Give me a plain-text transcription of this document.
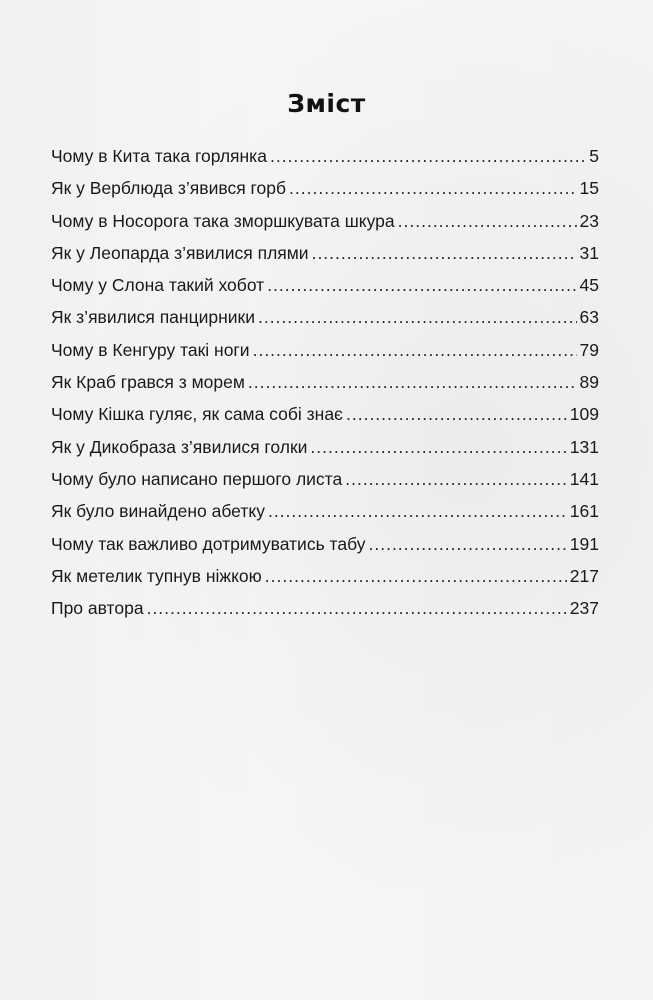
Зміст
Чому в Кита така горлянка .....	5
Як у Верблюда з’явився горб .....	15
Чому в Носорога така зморшкувата шкура .....	23
Як у Леопарда з’явилися плями .....	31
Чому у Слона такий хобот .....	45
Як з’явилися панцирники .....	63
Чому в Кенгуру такі ноги .....	79
Як Краб грався з морем .....	89
Чому Кішка гуляє, як сама собі знає .....	109
Як у Дикобраза з’явилися голки .....	131
Чому було написано першого листа .....	141
Як було винайдено абетку .....	161
Чому так важливо дотримуватись табу .....	191
Як метелик тупнув ніжкою .....	217
Про автора .....	237
